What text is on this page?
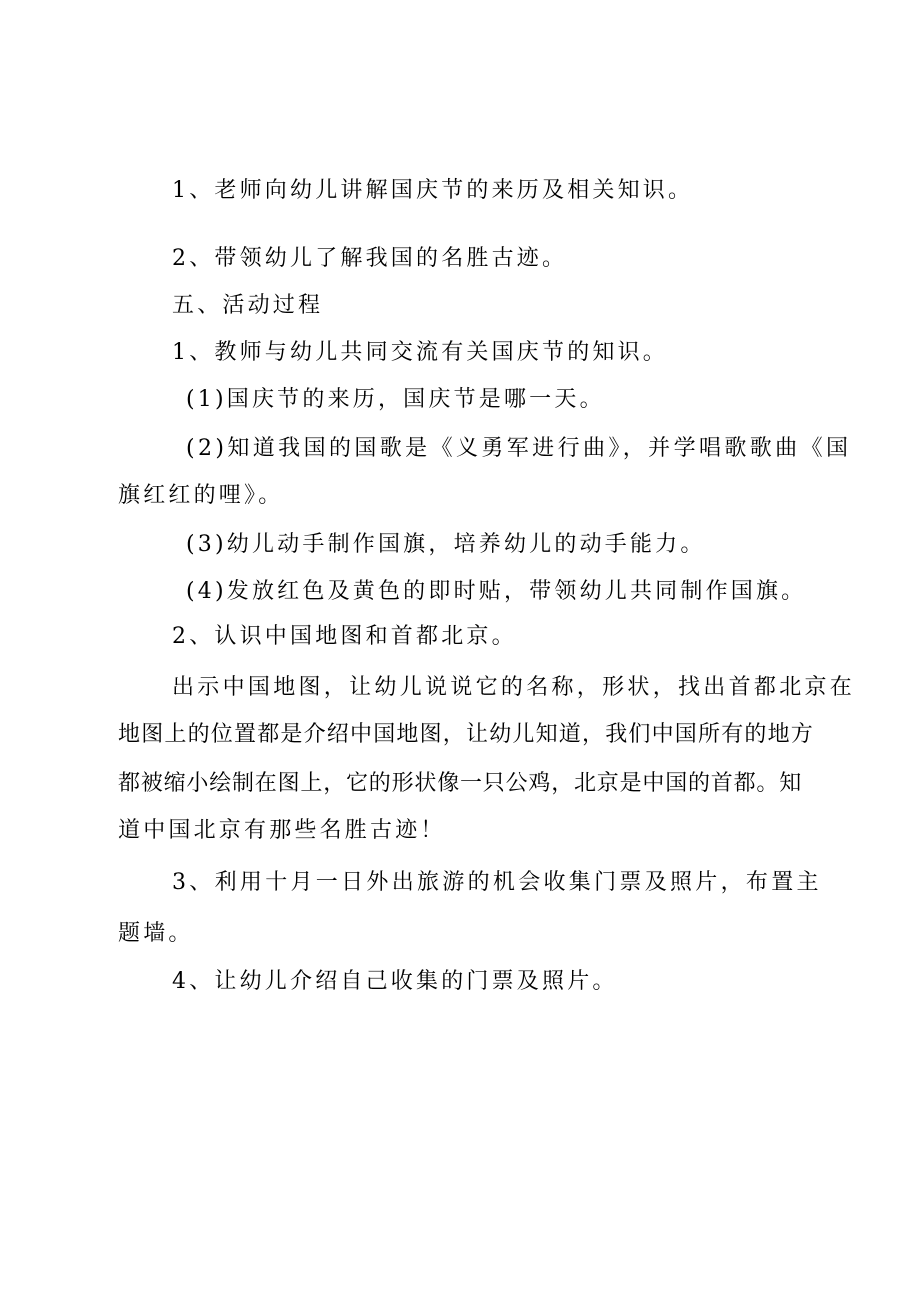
1、老师向幼儿讲解国庆节的来历及相关知识。
2、带领幼儿了解我国的名胜古迹。
五、活动过程
1、教师与幼儿共同交流有关国庆节的知识。
(1)国庆节的来历，国庆节是哪一天。
(2)知道我国的国歌是《义勇军进行曲》，并学唱歌歌曲《国
旗红红的哩》。
(3)幼儿动手制作国旗，培养幼儿的动手能力。
(4)发放红色及黄色的即时贴，带领幼儿共同制作国旗。
2、认识中国地图和首都北京。
出示中国地图，让幼儿说说它的名称，形状，找出首都北京在
地图上的位置都是介绍中国地图，让幼儿知道，我们中国所有的地方
都被缩小绘制在图上，它的形状像一只公鸡，北京是中国的首都。知
道中国北京有那些名胜古迹！
3、利用十月一日外出旅游的机会收集门票及照片，布置主
题墙。
4、让幼儿介绍自己收集的门票及照片。
